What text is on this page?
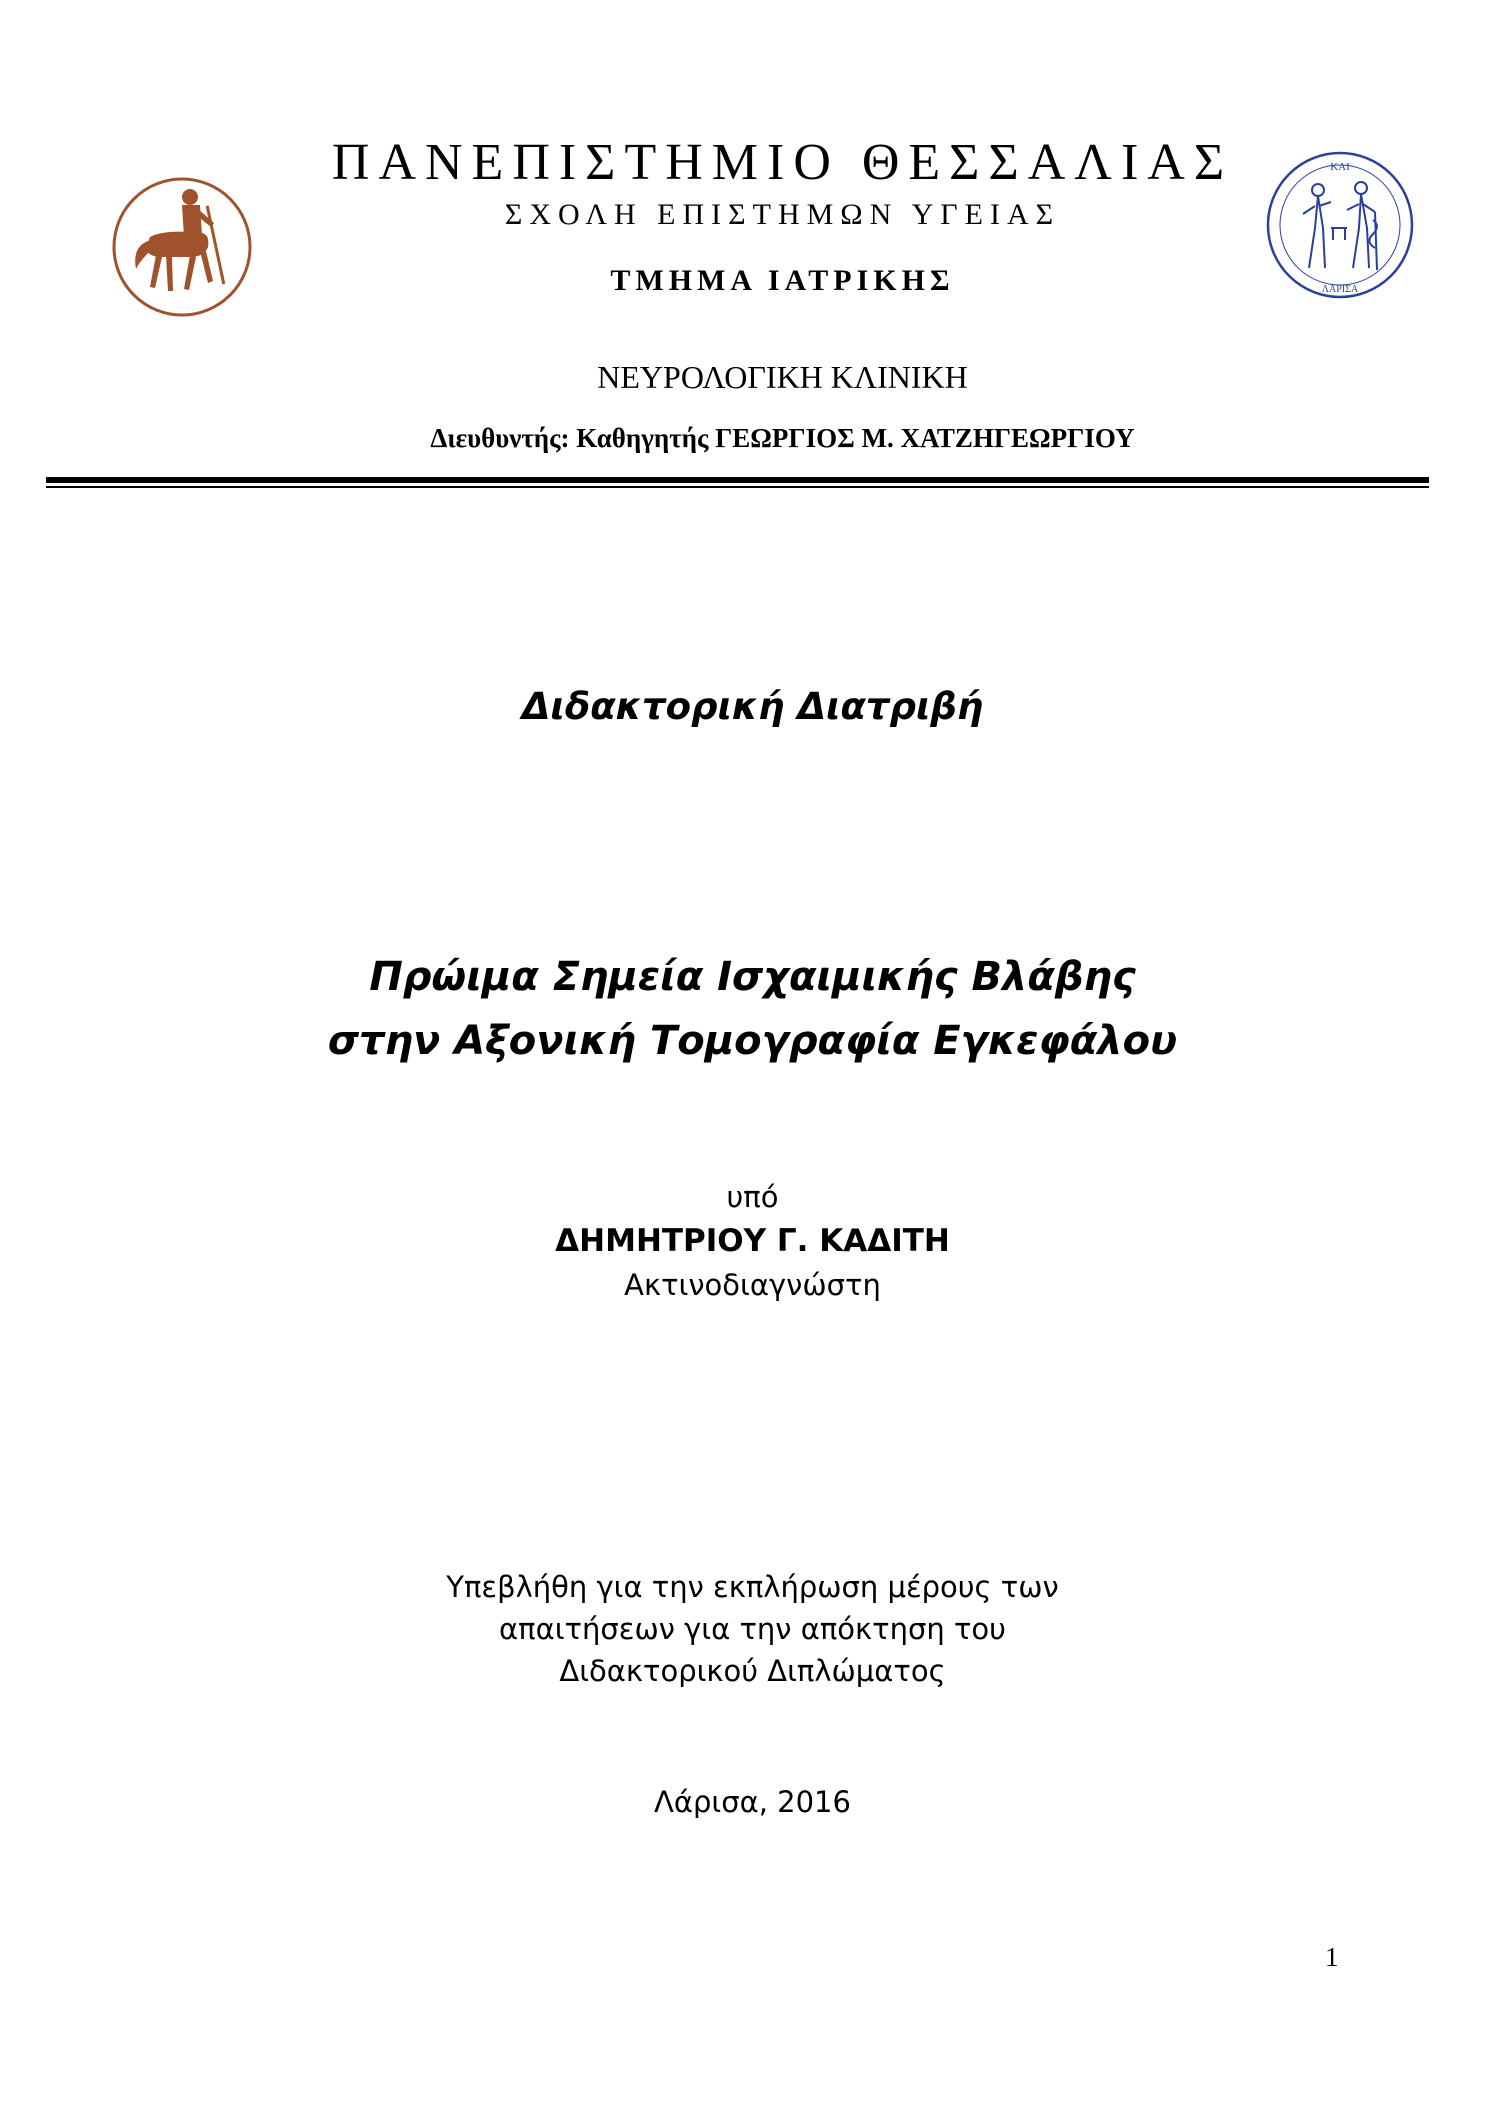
ΚΑΙ
ΛΑΡΙΣΑ
ΠΑΝΕΠΙΣΤΗΜΙΟ ΘΕΣΣΑΛΙΑΣ
ΣΧΟΛΗ ΕΠΙΣΤΗΜΩΝ ΥΓΕΙΑΣ
ΤΜΗΜΑ ΙΑΤΡΙΚΗΣ
ΝΕΥΡΟΛΟΓΙΚΗ ΚΛΙΝΙΚΗ
Διευθυντής: Καθηγητής ΓΕΩΡΓΙΟΣ Μ. ΧΑΤΖΗΓΕΩΡΓΙΟΥ
Διδακτορική Διατριβή
Πρώιμα Σημεία Ισχαιμικής Βλάβης
στην Αξονική Τομογραφία Εγκεφάλου
υπό
ΔΗΜΗΤΡΙΟΥ Γ. ΚΑΔΙΤΗ
Ακτινοδιαγνώστη
Υπεβλήθη για την εκπλήρωση μέρους των
απαιτήσεων για την απόκτηση του
Διδακτορικού Διπλώματος
Λάρισα, 2016
1
